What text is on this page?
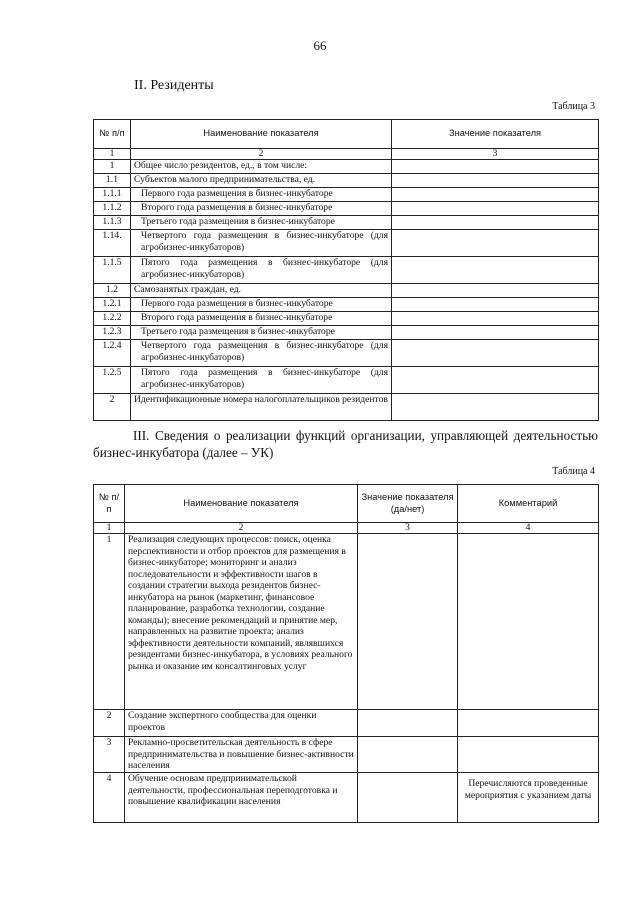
66
II. Резиденты
Таблица 3
№ п/п	Наименование показателя	Значение показателя
1	2	3
1	Общее число резидентов, ед., в том числе:	
1.1	Субъектов малого предпринимательства, ед.	
1.1.1	Первого года размещения в бизнес-инкубаторе	
1.1.2	Второго года размещения в бизнес-инкубаторе	
1.1.3	Третьего года размещения в бизнес-инкубаторе	
1.14.	Четвертого года размещения в бизнес-инкубаторе (для агробизнес-инкубаторов)	
1.1.5	Пятого года размещения в бизнес-инкубаторе (для агробизнес-инкубаторов)	
1.2	Самозанятых граждан, ед.	
1.2.1	Первого года размещения в бизнес-инкубаторе	
1.2.2	Второго года размещения в бизнес-инкубаторе	
1.2.3	Третьего года размещения в бизнес-инкубаторе	
1.2.4	Четвертого года размещения в бизнес-инкубаторе (для агробизнес-инкубаторов)	
1.2.5	Пятого года размещения в бизнес-инкубаторе (для агробизнес-инкубаторов)	
2	Идентификационные номера налогоплательщиков резидентов	
III. Сведения о реализации функций организации, управляющей деятельностью бизнес-инкубатора (далее – УК)
Таблица 4
№ п/п	Наименование показателя	Значение показателя (да/нет)	Комментарий
1	2	3	4
1	Реализация следующих процессов: поиск, оценка перспективности и отбор проектов для размещения в бизнес-инкубаторе; мониторинг и анализ последовательности и эффективности шагов в создании стратегии выхода резидентов бизнес-инкубатора на рынок (маркетинг, финансовое планирование, разработка технологии, создание команды); внесение рекомендаций и принятие мер, направленных на развитие проекта; анализ эффективности деятельности компаний, являвшихся резидентами бизнес-инкубатора, в условиях реального рынка и оказание им консалтинговых услуг		
2	Создание экспертного сообщества для оценки проектов		
3	Рекламно-просветительская деятельность в сфере предпринимательства и повышение бизнес-активности населения		
4	Обучение основам предпринимательской деятельности, профессиональная переподготовка и повышение квалификации населения		Перечисляются проведенные мероприятия с указанием даты
